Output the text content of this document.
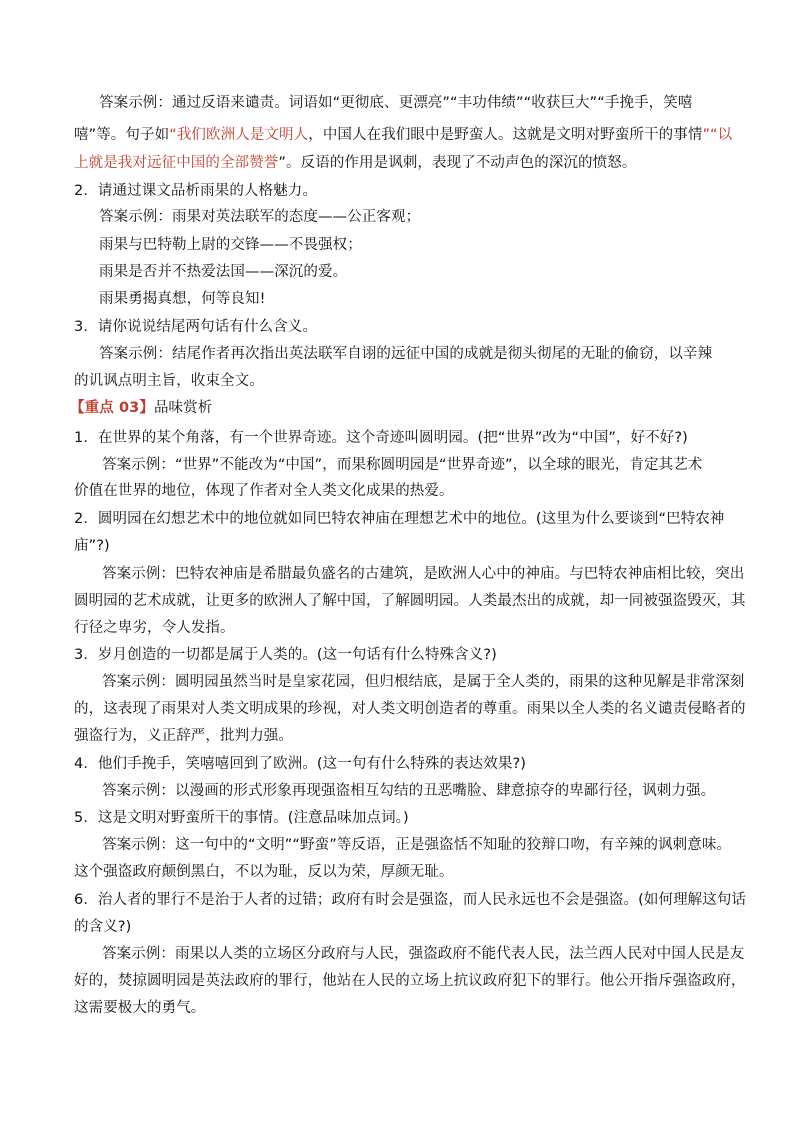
答案示例：通过反语来谴责。词语如“更彻底、更漂亮”“丰功伟绩”“收获巨大”“手挽手，笑嘻
嘻”等。句子如“我们欧洲人是文明人，中国人在我们眼中是野蛮人。这就是文明对野蛮所干的事情”“以
上就是我对远征中国的全部赞誉”。反语的作用是讽刺，表现了不动声色的深沉的愤怒。
2．请通过课文品析雨果的人格魅力。
答案示例：雨果对英法联军的态度——公正客观；
雨果与巴特勒上尉的交锋——不畏强权；
雨果是否并不热爱法国——深沉的爱。
雨果勇揭真想，何等良知!
3．请你说说结尾两句话有什么含义。
答案示例：结尾作者再次指出英法联军自诩的远征中国的成就是彻头彻尾的无耻的偷窃，以辛辣
的讥讽点明主旨，收束全文。
【重点 03】品味赏析
1．在世界的某个角落，有一个世界奇迹。这个奇迹叫圆明园。(把“世界”改为“中国”，好不好?)
答案示例：“世界”不能改为“中国”，而果称圆明园是“世界奇迹”，以全球的眼光，肯定其艺术
价值在世界的地位，体现了作者对全人类文化成果的热爱。
2．圆明园在幻想艺术中的地位就如同巴特农神庙在理想艺术中的地位。(这里为什么要谈到“巴特农神
庙”?)
答案示例：巴特农神庙是希腊最负盛名的古建筑，是欧洲人心中的神庙。与巴特农神庙相比较，突出
圆明园的艺术成就，让更多的欧洲人了解中国，了解圆明园。人类最杰出的成就，却一同被强盗毁灭，其
行径之卑劣，令人发指。
3．岁月创造的一切都是属于人类的。(这一句话有什么特殊含义?)
答案示例：圆明园虽然当时是皇家花园，但归根结底，是属于全人类的，雨果的这种见解是非常深刻
的，这表现了雨果对人类文明成果的珍视，对人类文明创造者的尊重。雨果以全人类的名义谴责侵略者的
强盗行为，义正辞严，批判力强。
4．他们手挽手，笑嘻嘻回到了欧洲。(这一句有什么特殊的表达效果?)
答案示例：以漫画的形式形象再现强盗相互勾结的丑恶嘴脸、肆意掠夺的卑鄙行径，讽刺力强。
5．这是文明对野蛮所干的事情。(注意品味加点词。)
答案示例：这一句中的“文明”“野蛮”等反语，正是强盗恬不知耻的狡辩口吻，有辛辣的讽刺意味。
这个强盗政府颠倒黑白，不以为耻，反以为荣，厚颜无耻。
6．治人者的罪行不是治于人者的过错；政府有时会是强盗，而人民永远也不会是强盗。(如何理解这句话
的含义?)
答案示例：雨果以人类的立场区分政府与人民，强盗政府不能代表人民，法兰西人民对中国人民是友
好的，焚掠圆明园是英法政府的罪行，他站在人民的立场上抗议政府犯下的罪行。他公开指斥强盗政府，
这需要极大的勇气。
